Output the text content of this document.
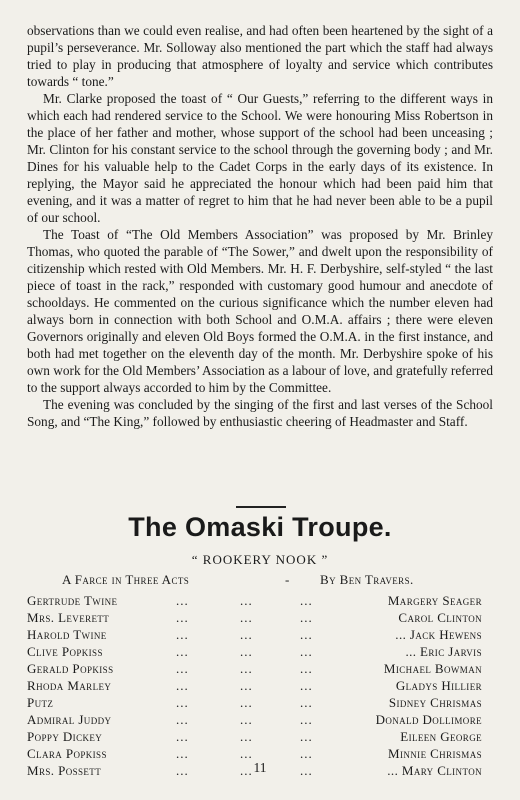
observations than we could even realise, and had often been heartened by the sight of a pupil’s perseverance. Mr. Solloway also mentioned the part which the staff had always tried to play in producing that atmosphere of loyalty and service which contributes towards “ tone.”

Mr. Clarke proposed the toast of “ Our Guests,” referring to the different ways in which each had rendered service to the School. We were honouring Miss Robertson in the place of her father and mother, whose support of the school had been unceasing ; Mr. Clinton for his constant service to the school through the governing body ; and Mr. Dines for his valuable help to the Cadet Corps in the early days of its existence. In replying, the Mayor said he appreciated the honour which had been paid him that evening, and it was a matter of regret to him that he had never been able to be a pupil of our school.

The Toast of “The Old Members Association” was proposed by Mr. Brinley Thomas, who quoted the parable of “The Sower,” and dwelt upon the responsibility of citizenship which rested with Old Members. Mr. H. F. Derbyshire, self-styled “ the last piece of toast in the rack,” responded with customary good humour and anecdote of schooldays. He commented on the curious significance which the number eleven had always born in connection with both School and O.M.A. affairs ; there were eleven Governors originally and eleven Old Boys formed the O.M.A. in the first instance, and both had met together on the eleventh day of the month. Mr. Derbyshire spoke of his own work for the Old Members’ Association as a labour of love, and gratefully referred to the support always accorded to him by the Committee.

The evening was concluded by the singing of the first and last verses of the School Song, and “The King,” followed by enthusiastic cheering of Headmaster and Staff.

The Omaski Troupe.
“ ROOKERY NOOK ”
A Farce in Three Acts	- By Ben Travers.
Gertrude Twine	...	...	...	Margery Seager
Mrs. Leverett	...	...	...	Carol Clinton
Harold Twine	...	...	...	... Jack Hewens
Clive Popkiss	...	...	...	... Eric Jarvis
Gerald Popkiss	...	...	...	Michael Bowman
Rhoda Marley	...	...	...	Gladys Hillier
Putz	...	...	...	Sidney Chrismas
Admiral Juddy	...	...	...	Donald Dollimore
Poppy Dickey	...	...	...	Eileen George
Clara Popkiss	...	...	...	Minnie Chrismas
Mrs. Possett	...	...	...	... Mary Clinton
11
